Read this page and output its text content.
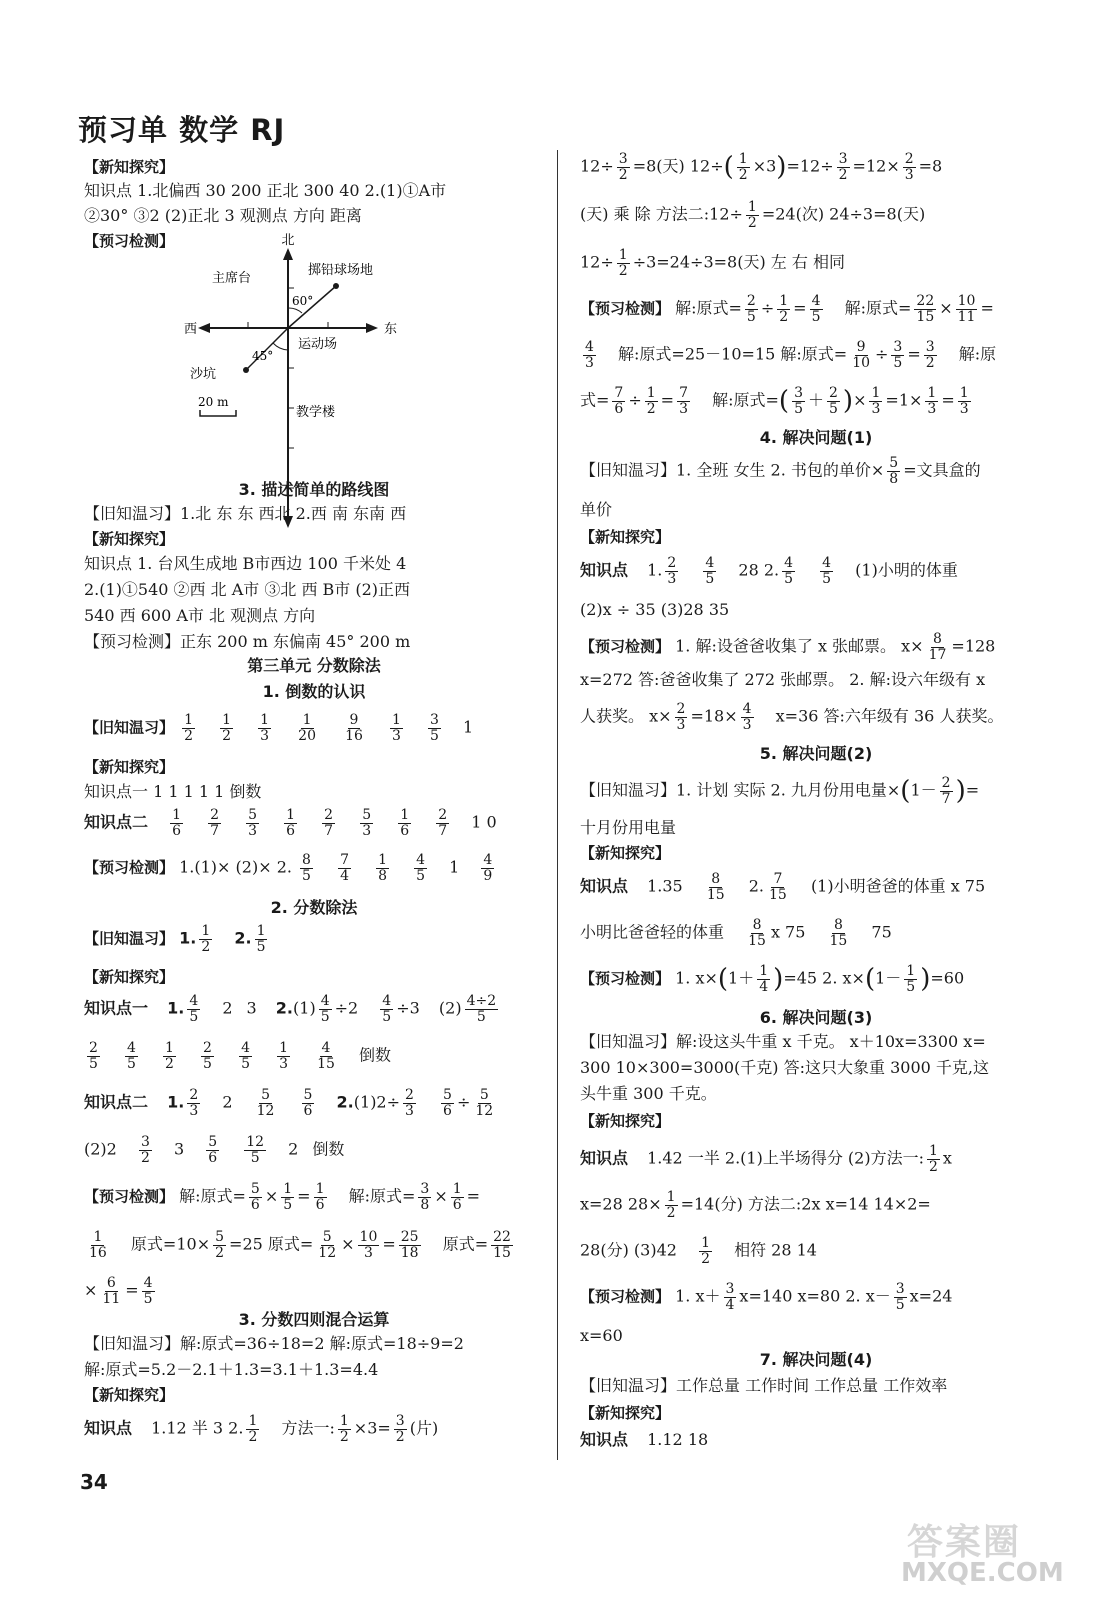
预习单 数学 RJ
【新知探究】
知识点 1.北偏西 30 200 正北 300 40 2.(1)①A市
②30° ③2 (2)正北 3 观测点 方向 距离
【预习检测】	北
西	东
主席台
掷铅球场地
60°
运动场
45°
沙坑
教学楼
20 m
3. 描述简单的路线图
【旧知温习】1.北 东 东 西北 2.西 南 东南 西
【新知探究】
知识点 1. 台风生成地 B市西边 100 千米处 4
2.(1)①540 ②西 北 A市 ③北 西 B市 (2)正西
540 西 600 A市 北 观测点 方向
【预习检测】正东 200 m 东偏南 45° 200 m
第三单元 分数除法
1. 倒数的认识
【旧知温习】 $\frac{1}{2}$
$\frac{1}{2}$
$\frac{1}{3}$
$\frac{1}{20}$
$\frac{9}{16}$
$\frac{1}{3}$
$\frac{3}{5} 1$
【新知探究】
知识点一 1 1 1 1 1 倒数
知识点二 $\frac{1}{6}$
$\frac{2}{7}$
$\frac{5}{3}$
$\frac{1}{6}$
$\frac{2}{7}$
$\frac{5}{3}$
$\frac{1}{6}$
$\frac{2}{7} 1$ 0
【预习检测】 1.(1)× (2)× 2. $\frac{8}{5}$
$\frac{7}{4}$
$\frac{1}{8}$
$\frac{4}{5} 1 \frac{4}{9}$
2. 分数除法
【旧知温习】 1. $\frac{1}{2} 2$. $\frac{1}{5}$
【新知探究】
知识点一 1. $\frac{4}{5} 2$ 3 $2.(1) \frac{4}{5} \div 2 \frac{4}{5} \div 3$ $(2) \frac{4\div 2}{5}$
$\frac{2}{5}$
$\frac{4}{5}$
$\frac{1}{2}$
$\frac{2}{5}$
$\frac{4}{5}$
$\frac{1}{3}$
$\frac{4}{15}$ 倒数
知识点二 1. $\frac{2}{3} 2 \frac{5}{12}$
$\frac{5}{6} 2.(1)2\div \frac{2}{3}$
$\frac{5}{6} \div \frac{5}{12}$
$(2)2 \frac{3}{2} 3 \frac{5}{6}$
$\frac{12}{5} 2$ 倒数
【预习检测】 解:原式= $\frac{5}{6} \times \frac{1}{5} = \frac{1}{6}$ 解:原式= $\frac{3}{8} \times \frac{1}{6}$ =
$\frac{1}{16}$ 原式$=10\times \frac{5}{2} =25$ 原式= $\frac{5}{12} \times \frac{10}{3} = \frac{25}{18}$ 原式= $\frac{22}{15}$
× $\frac{6}{11} = \frac{4}{5}$
3. 分数四则混合运算
【旧知温习】解:原式=36÷18=2 解:原式=18÷9=2
解:原式=5.2－2.1＋1.3=3.1＋1.3=4.4
【新知探究】
知识点 1.12 半 3 2. $\frac{1}{2}$ 方法一: $\frac{1}{2} \times 3= \frac{3}{2}$ (片)
$12\div \frac{3}{2} =8$(天) $12\div( \frac{1}{2} \times 3)=12\div \frac{3}{2} =12\times \frac{2}{3} =8$
(天) 乘 除 方法二:12÷ $\frac{1}{2} =24$(次) 24÷3=8(天)
$12\div \frac{1}{2} \div 3=24\div 3=8$(天) 左 右 相同
【预习检测】 解:原式= $\frac{2}{5} \div \frac{1}{2} = \frac{4}{5}$ 解:原式= $\frac{22}{15} \times \frac{10}{11}$ =
$\frac{4}{3}$ 解:原式=25－10=15 解:原式= $\frac{9}{10} \div \frac{3}{5} = \frac{3}{2}$ 解:原
式= $\frac{7}{6} \div \frac{1}{2} = \frac{7}{3}$ 解:原式=( $\frac{3}{5} + \frac{2}{5}$ )× $\frac{1}{3} =1\times \frac{1}{3} = \frac{1}{3}$
4. 解决问题(1)
【旧知温习】1. 全班 女生 2. 书包的单价× $\frac{5}{8}$ =文具盒的
单价
【新知探究】
知识点 1. $\frac{2}{3}$
$\frac{4}{5} 28$ 2. $\frac{4}{5}$
$\frac{4}{5} (1)$小明的体重
(2)x ÷ 35 (3)28 35
【预习检测】 1. 解:设爸爸收集了 x 张邮票。 $x\times \frac{8}{17} =128$
x=272 答:爸爸收集了 272 张邮票。 2. 解:设六年级有 x
人获奖。 $x\times \frac{2}{3} =18\times \frac{4}{3} x=36$ 答:六年级有 36 人获奖。
5. 解决问题(2)
【旧知温习】1. 计划 实际 2. 九月份用电量$\times(1- \frac{2}{7}$ )=
十月份用电量
【新知探究】
知识点 $1.35 \frac{8}{15} 2$. $\frac{7}{15} (1)$小明爸爸的体重 x 75
小明比爸爸轻的体重 $\frac{8}{15}$ x $75 \frac{8}{15} 75$
【预习检测】 1. $x\times(1+ \frac{1}{4} )=45$ 2. $x\times(1- \frac{1}{5} )=60$
6. 解决问题(3)
【旧知温习】解:设这头牛重 x 千克。 x＋10x=3300 x=
300 10×300=3000(千克) 答:这只大象重 3000 千克,这
头牛重 300 千克。
【新知探究】
知识点 1.42 一半 2.(1)上半场得分 (2)方法一: $\frac{1}{2}$ x
x=28 $28\times \frac{1}{2} =14$(分) 方法二:2x x=14 14×2=
28(分) $(3)42 \frac{1}{2}$ 相符 28 14
【预习检测】 1. $x+ \frac{3}{4} x=140$ x=80 2. $x- \frac{3}{5} x=24$
x=60
7. 解决问题(4)
【旧知温习】工作总量 工作时间 工作总量 工作效率
【新知探究】
知识点 1.12 18
34
答案圈
MXQE.COM
